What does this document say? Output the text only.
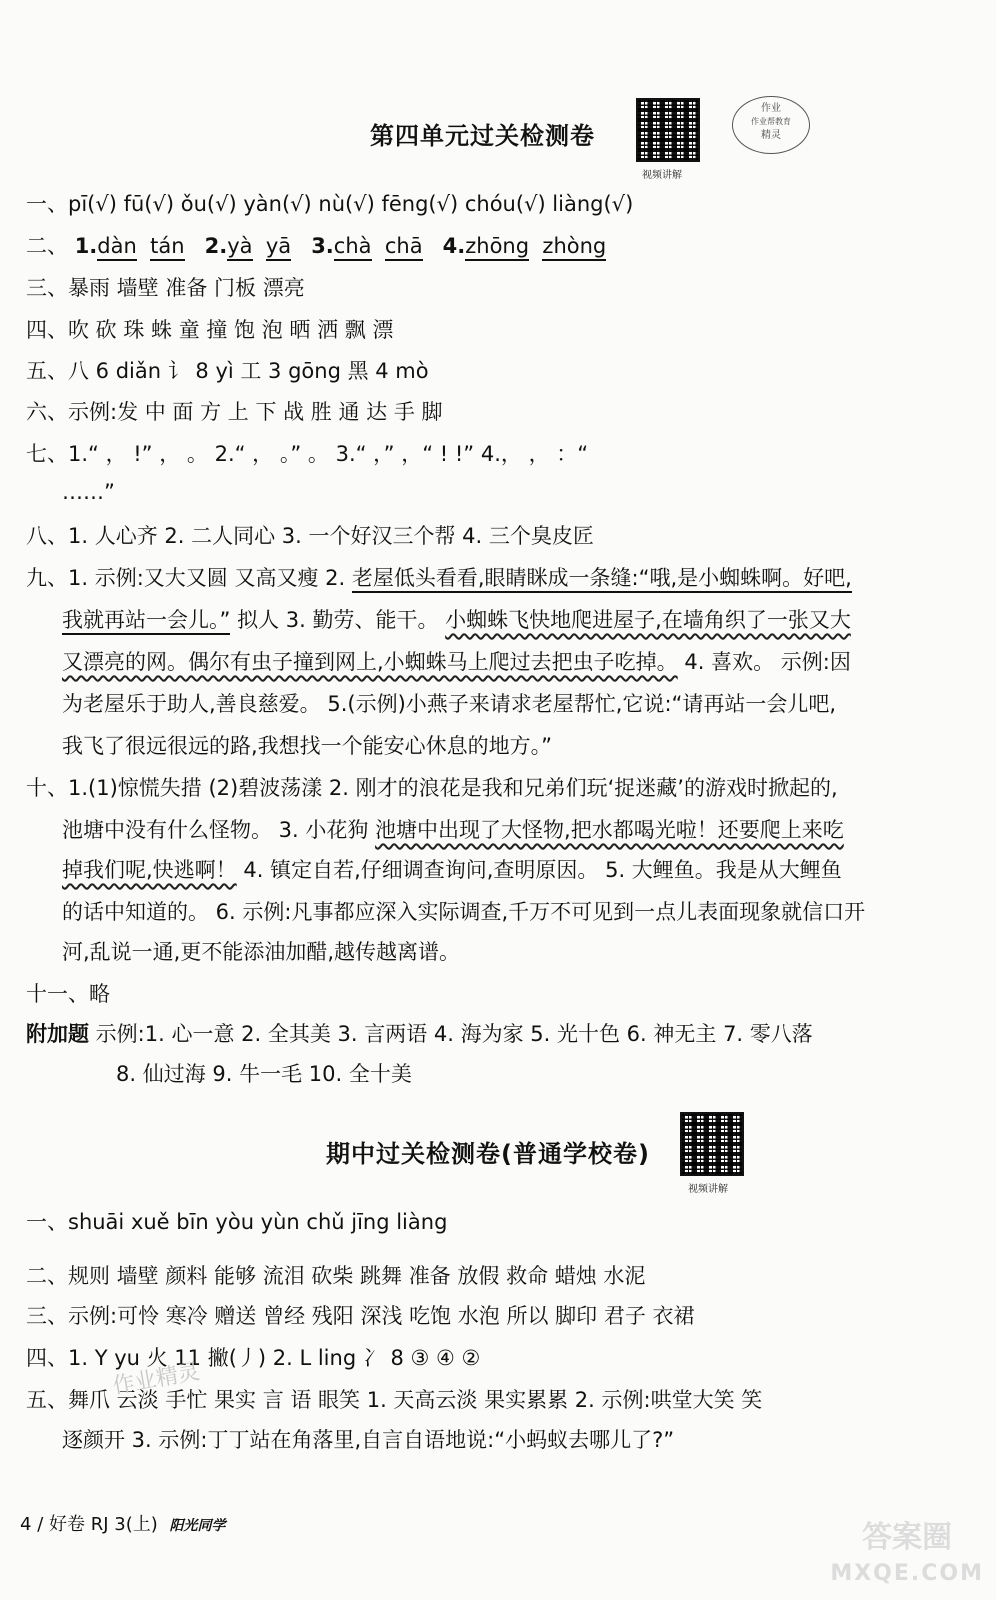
第四单元过关检测卷
视频讲解
作业
作业帮教育
精灵
一、pī(√) fū(√) ǒu(√) yàn(√) nù(√) fēng(√) chóu(√) liàng(√)
二、 1.dàn tán 2.yà yā 3.chà chā 4.zhōng zhòng
三、暴雨 墙壁 准备 门板 漂亮
四、吹 砍 珠 蛛 童 撞 饱 泡 晒 洒 飘 漂
五、八 6 diǎn 讠 8 yì 工 3 gōng 黑 4 mò
六、示例:发 中 面 方 上 下 战 胜 通 达 手 脚
七、1.“ ， !” ， 。 2.“ ， 。” 。 3.“ ，” ，“ ! !” 4.， ， ：“
……”
八、1. 人心齐 2. 二人同心 3. 一个好汉三个帮 4. 三个臭皮匠
九、1. 示例:又大又圆 又高又瘦 2. 老屋低头看看,眼睛眯成一条缝:“哦,是小蜘蛛啊。好吧,
我就再站一会儿。” 拟人 3. 勤劳、能干。 小蜘蛛飞快地爬进屋子,在墙角织了一张又大
又漂亮的网。偶尔有虫子撞到网上,小蜘蛛马上爬过去把虫子吃掉。 4. 喜欢。 示例:因
为老屋乐于助人,善良慈爱。 5.(示例)小燕子来请求老屋帮忙,它说:“请再站一会儿吧,
我飞了很远很远的路,我想找一个能安心休息的地方。”
十、1.(1)惊慌失措 (2)碧波荡漾 2. 刚才的浪花是我和兄弟们玩‘捉迷藏’的游戏时掀起的,
池塘中没有什么怪物。 3. 小花狗 池塘中出现了大怪物,把水都喝光啦！还要爬上来吃
掉我们呢,快逃啊！ 4. 镇定自若,仔细调查询问,查明原因。 5. 大鲤鱼。我是从大鲤鱼
的话中知道的。 6. 示例:凡事都应深入实际调查,千万不可见到一点儿表面现象就信口开
河,乱说一通,更不能添油加醋,越传越离谱。
十一、略
附加题 示例:1. 心一意 2. 全其美 3. 言两语 4. 海为家 5. 光十色 6. 神无主 7. 零八落
8. 仙过海 9. 牛一毛 10. 全十美
期中过关检测卷(普通学校卷)
视频讲解
一、shuāi xuě bīn yòu yùn chǔ jīng liàng
二、规则 墙壁 颜料 能够 流泪 砍柴 跳舞 准备 放假 救命 蜡烛 水泥
三、示例:可怜 寒冷 赠送 曾经 残阳 深浅 吃饱 水泡 所以 脚印 君子 衣裙
四、1. Y yu 火 11 撇(丿) 2. L ling 冫 8 ③ ④ ②
五、舞爪 云淡 手忙 果实 言 语 眼笑 1. 天高云淡 果实累累 2. 示例:哄堂大笑 笑
逐颜开 3. 示例:丁丁站在角落里,自言自语地说:“小蚂蚁去哪儿了?”
作业精灵
4 / 好卷 RJ 3(上) 阳光同学	答案圈
MXQE.COM
